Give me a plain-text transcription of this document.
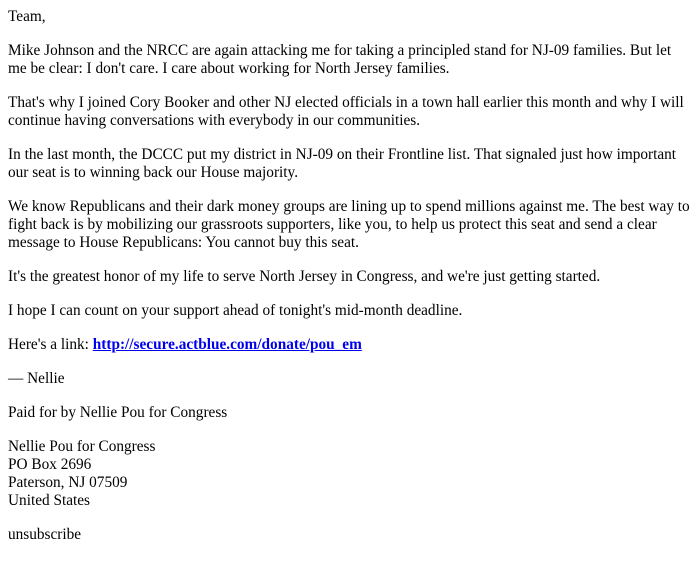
Team,

Mike Johnson and the NRCC are again attacking me for taking a principled stand for NJ-09 families. But let me be clear: I don't care. I care about working for North Jersey families.

That's why I joined Cory Booker and other NJ elected officials in a town hall earlier this month and why I will continue having conversations with everybody in our communities.

In the last month, the DCCC put my district in NJ-09 on their Frontline list. That signaled just how important our seat is to winning back our House majority.

We know Republicans and their dark money groups are lining up to spend millions against me. The best way to fight back is by mobilizing our grassroots supporters, like you, to help us protect this seat and send a clear message to House Republicans: You cannot buy this seat.

It's the greatest honor of my life to serve North Jersey in Congress, and we're just getting started.

I hope I can count on your support ahead of tonight's mid-month deadline.

Here's a link: http://secure.actblue.com/donate/pou_em

— Nellie

Paid for by Nellie Pou for Congress

Nellie Pou for Congress
PO Box 2696
Paterson, NJ 07509
United States

unsubscribe
